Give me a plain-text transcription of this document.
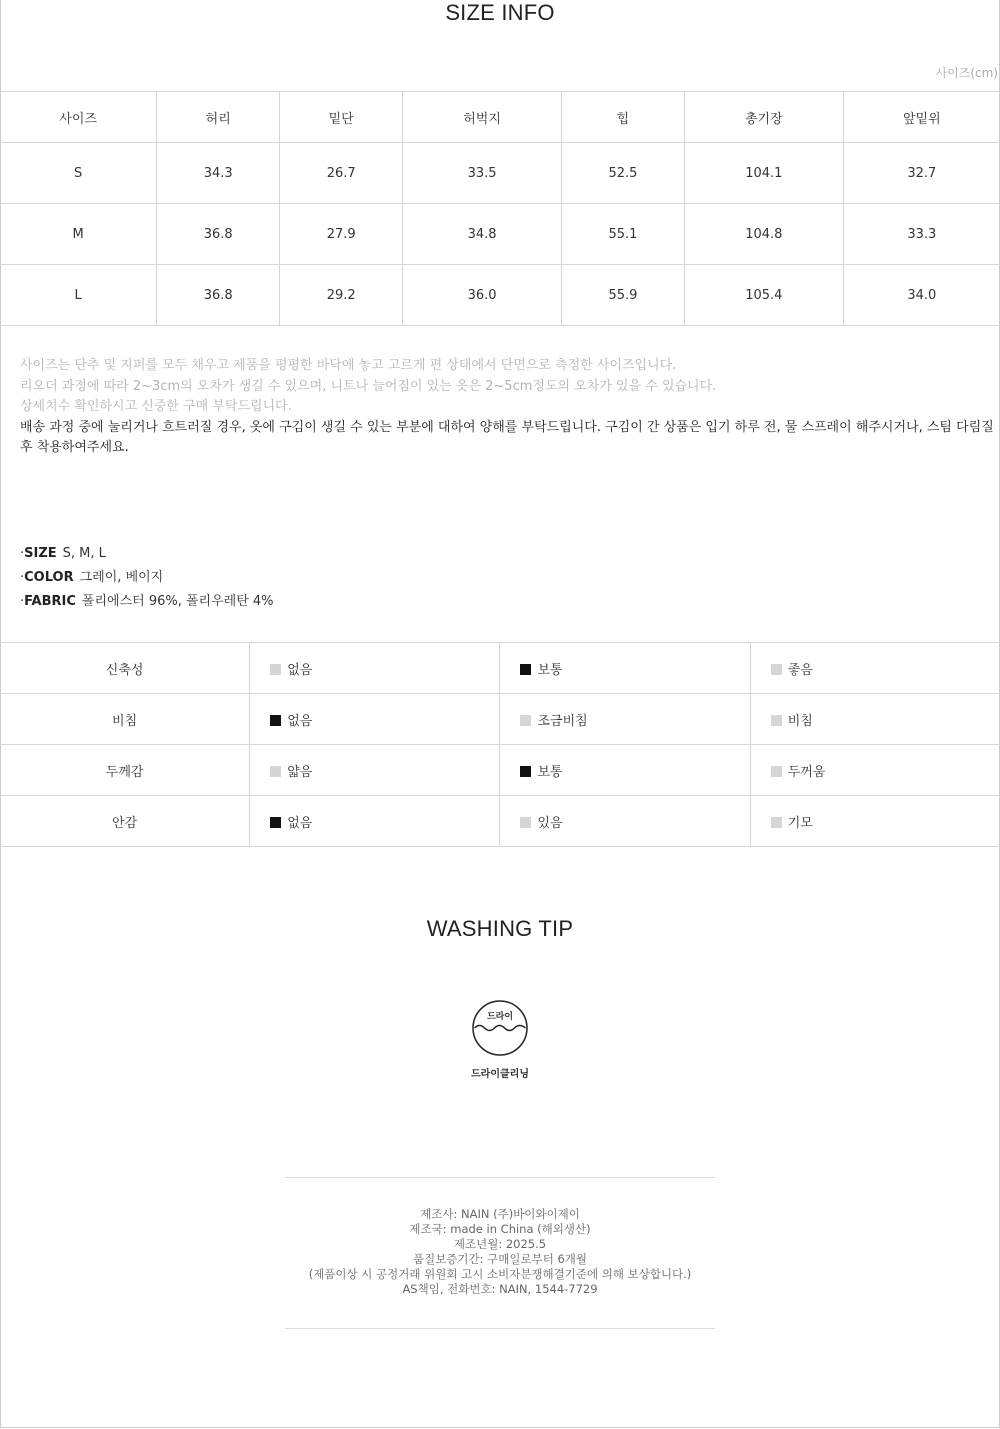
SIZE INFO
사이즈(cm)
사이즈	허리	밑단	허벅지	힙	총기장	앞밑위
S	34.3	26.7	33.5	52.5	104.1	32.7
M	36.8	27.9	34.8	55.1	104.8	33.3
L	36.8	29.2	36.0	55.9	105.4	34.0
사이즈는 단추 및 지퍼를 모두 채우고 제품을 평평한 바닥에 놓고 고르게 편 상태에서 단면으로 측정한 사이즈입니다.
리오더 과정에 따라 2~3cm의 오차가 생길 수 있으며, 니트나 늘어짐이 있는 옷은 2~5cm정도의 오차가 있을 수 있습니다.
상세치수 확인하시고 신중한 구매 부탁드립니다.
배송 과정 중에 눌리거나 흐트러질 경우, 옷에 구김이 생길 수 있는 부분에 대하여 양해를 부탁드립니다. 구김이 간 상품은 입기 하루 전, 물 스프레이 해주시거나, 스팀 다림질 후 착용하여주세요.
·SIZE S, M, L
·COLOR 그레이, 베이지
·FABRIC 폴리에스터 96%, 폴리우레탄 4%
신축성	없음	보통	좋음
비침	없음	조금비침	비침
두께감	얇음	보통	두꺼움
안감	없음	있음	기모
WASHING TIP
드라이
드라이클리닝
제조사: NAIN (주)바이와이제이
제조국: made in China (해외생산)
제조년월: 2025.5
품질보증기간: 구매일로부터 6개월
(제품이상 시 공정거래 위원회 고시 소비자분쟁해결기준에 의해 보상합니다.)
AS책임, 전화번호: NAIN, 1544-7729
